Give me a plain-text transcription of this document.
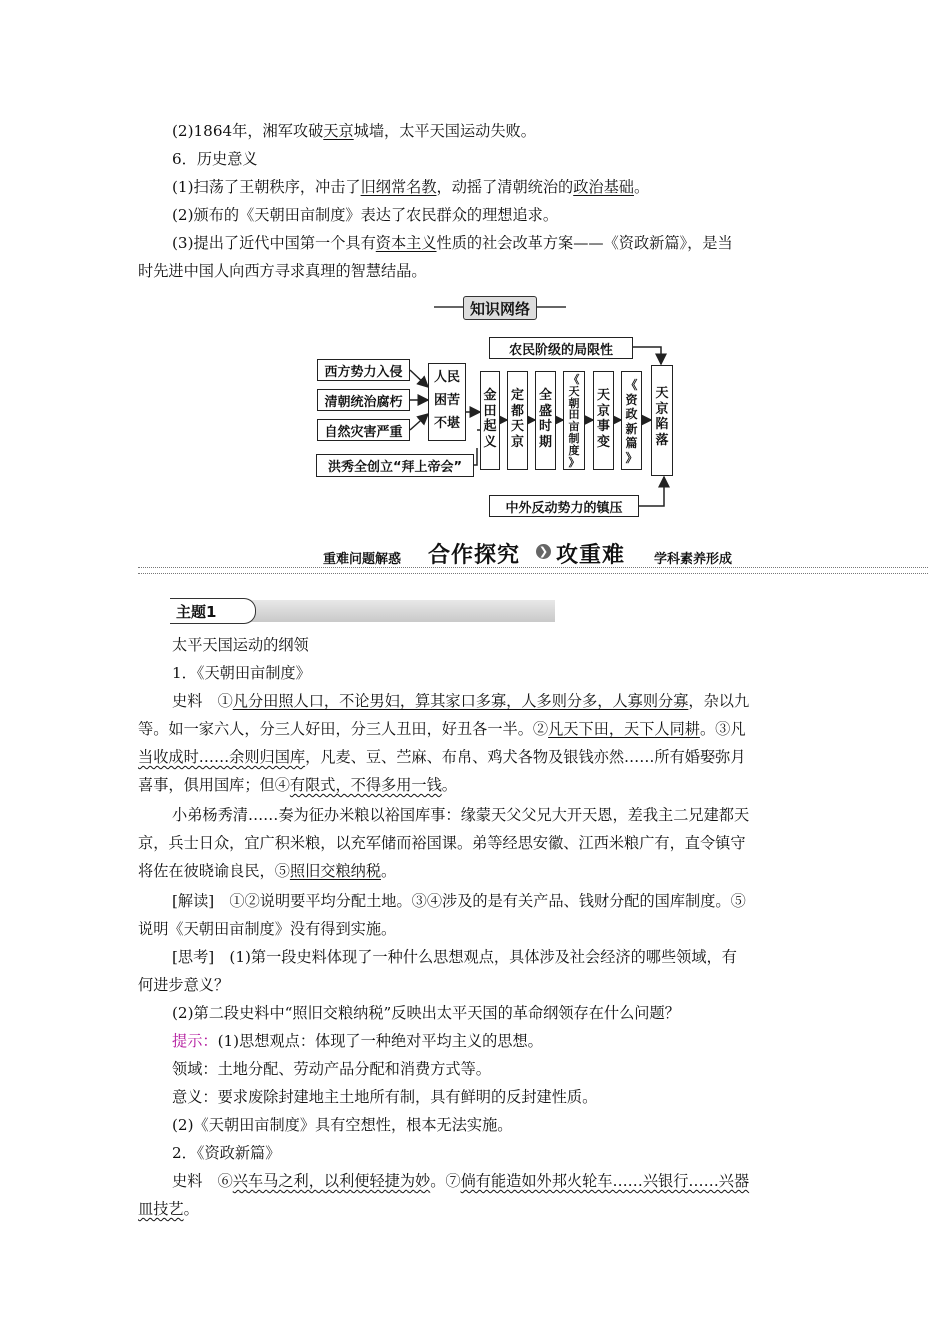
(2)1864年，湘军攻破天京城墙，太平天国运动失败。
6．历史意义
(1)扫荡了王朝秩序，冲击了旧纲常名教，动摇了清朝统治的政治基础。
(2)颁布的《天朝田亩制度》表达了农民群众的理想追求。
(3)提出了近代中国第一个具有资本主义性质的社会改革方案——《资政新篇》，是当
时先进中国人向西方寻求真理的智慧结晶。
知识网络
西方势力入侵
清朝统治腐朽
自然灾害严重
洪秀全创立“拜上帝会”
人民
困苦
不堪
金
田
起
义
定
都
天
京
全
盛
时
期
《
天
朝
田
亩
制
度
》
天
京
事
变
《
资
政
新
篇
》
天
京
陷
落
农民阶级的局限性
中外反动势力的镇压
重难问题解惑 合作探究 ❯ 攻重难 学科素养形成
主题1
太平天国运动的纲领
1．《天朝田亩制度》
史料　①凡分田照人口，不论男妇，算其家口多寡，人多则分多，人寡则分寡，杂以九
等。如一家六人，分三人好田，分三人丑田，好丑各一半。②凡天下田，天下人同耕。③凡
当收成时……余则归国库，凡麦、豆、苎麻、布帛、鸡犬各物及银钱亦然……所有婚娶弥月
喜事，俱用国库；但④有限式，不得多用一钱。
小弟杨秀清……奏为征办米粮以裕国库事：缘蒙天父父兄大开天恩，差我主二兄建都天
京，兵士日众，宜广积米粮，以充军储而裕国课。弟等经思安徽、江西米粮广有，直令镇守
将佐在彼晓谕良民，⑤照旧交粮纳税。
[解读]　①②说明要平均分配土地。③④涉及的是有关产品、钱财分配的国库制度。⑤
说明《天朝田亩制度》没有得到实施。
[思考]　(1)第一段史料体现了一种什么思想观点，具体涉及社会经济的哪些领域，有
何进步意义？
(2)第二段史料中“照旧交粮纳税”反映出太平天国的革命纲领存在什么问题？
提示：(1)思想观点：体现了一种绝对平均主义的思想。
领域：土地分配、劳动产品分配和消费方式等。
意义：要求废除封建地主土地所有制，具有鲜明的反封建性质。
(2)《天朝田亩制度》具有空想性，根本无法实施。
2．《资政新篇》
史料　⑥兴车马之利，以利便轻捷为妙。⑦倘有能造如外邦火轮车……兴银行……兴器
皿技艺。
